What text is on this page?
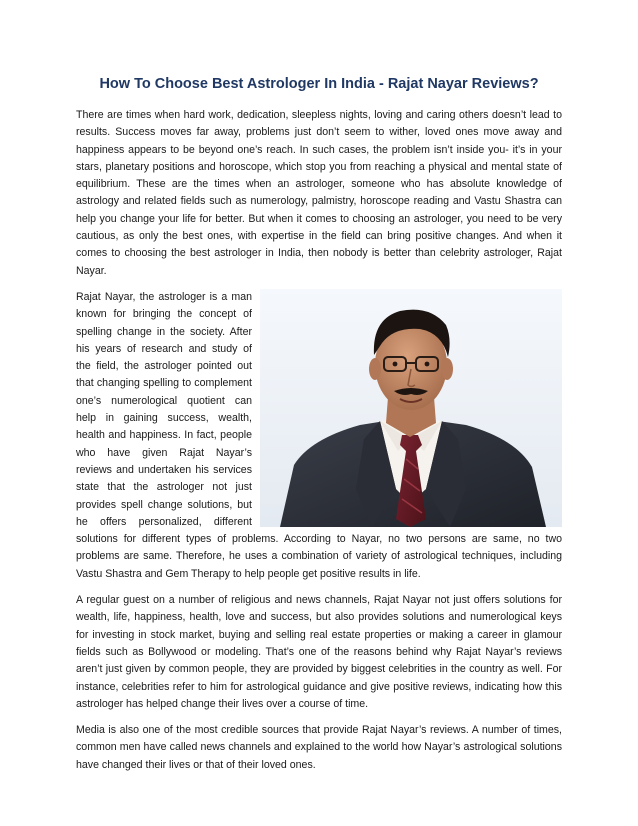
How To Choose Best Astrologer In India - Rajat Nayar Reviews?

There are times when hard work, dedication, sleepless nights, loving and caring others doesn’t lead to results. Success moves far away, problems just don’t seem to wither, loved ones move away and happiness appears to be beyond one’s reach. In such cases, the problem isn’t inside you- it’s in your stars, planetary positions and horoscope, which stop you from reaching a physical and mental state of equilibrium. These are the times when an astrologer, someone who has absolute knowledge of astrology and related fields such as numerology, palmistry, horoscope reading and Vastu Shastra can help you change your life for better. But when it comes to choosing an astrologer, you need to be very cautious, as only the best ones, with expertise in the field can bring positive changes. And when it comes to choosing the best astrologer in India, then nobody is better than celebrity astrologer, Rajat Nayar.

Rajat Nayar, the astrologer is a man known for bringing the concept of spelling change in the society. After his years of research and study of the field, the astrologer pointed out that changing spelling to complement one’s numerological quotient can help in gaining success, wealth, health and happiness. In fact, people who have given Rajat Nayar’s reviews and undertaken his services state that the astrologer not just provides spell change solutions, but he offers personalized, different solutions for different types of problems. According to Nayar, no two persons are same, no two problems are same. Therefore, he uses a combination of variety of astrological techniques, including Vastu Shastra and Gem Therapy to help people get positive results in life.

A regular guest on a number of religious and news channels, Rajat Nayar not just offers solutions for wealth, life, happiness, health, love and success, but also provides solutions and numerological keys for investing in stock market, buying and selling real estate properties or making a career in glamour fields such as Bollywood or modeling. That’s one of the reasons behind why Rajat Nayar’s reviews aren’t just given by common people, they are provided by biggest celebrities in the country as well. For instance, celebrities refer to him for astrological guidance and give positive reviews, indicating how this astrologer has helped change their lives over a course of time.

Media is also one of the most credible sources that provide Rajat Nayar’s reviews. A number of times, common men have called news channels and explained to the world how Nayar’s astrological solutions have changed their lives or that of their loved ones.
